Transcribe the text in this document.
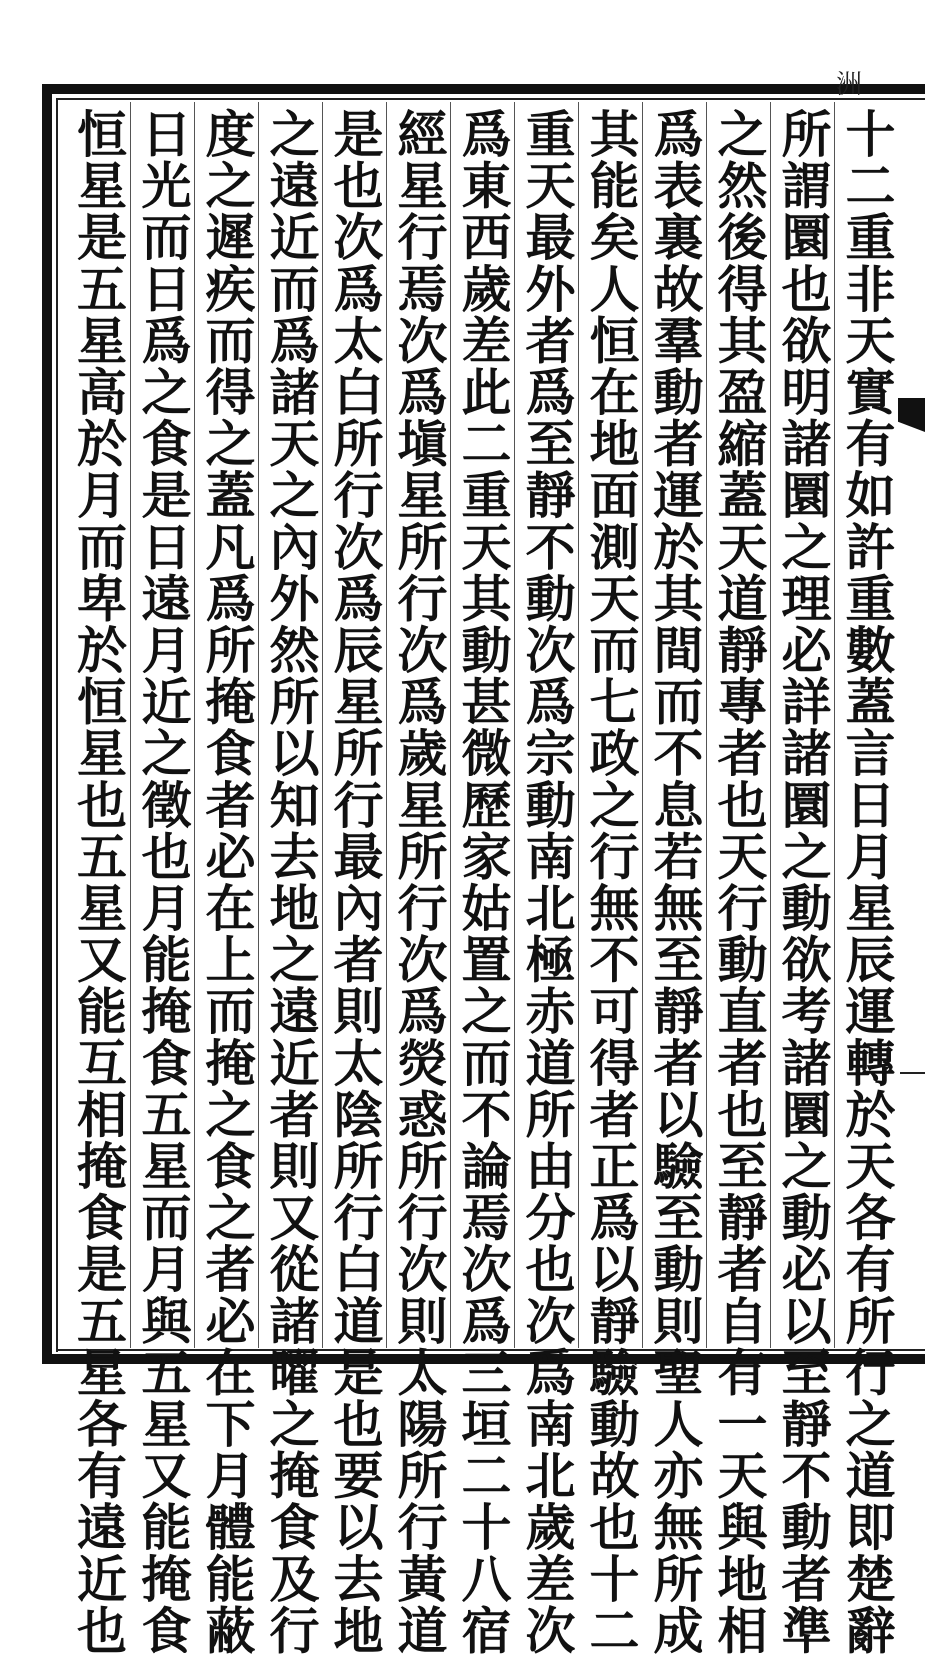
洲
十二重非天實有如許重數蓋言日月星辰運轉於天各有所行之道即楚辭
所謂圜也欲明諸圜之理必詳諸圜之動欲考諸圜之動必以至靜不動者準
之然後得其盈縮蓋天道靜專者也天行動直者也至靜者自有一天與地相
爲表裏故羣動者運於其間而不息若無至靜者以驗至動則聖人亦無所成
其能矣人恒在地面測天而七政之行無不可得者正爲以靜驗動故也十二
重天最外者爲至靜不動次爲宗動南北極赤道所由分也次爲南北歲差次
爲東西歲差此二重天其動甚微歷家姑置之而不論焉次爲三垣二十八宿
經星行焉次爲塡星所行次爲歲星所行次爲熒惑所行次則太陽所行黃道
是也次爲太白所行次爲辰星所行最內者則太陰所行白道是也要以去地
之遠近而爲諸天之內外然所以知去地之遠近者則又從諸曜之掩食及行
度之遲疾而得之蓋凡爲所掩食者必在上而掩之食之者必在下月體能蔽
日光而日爲之食是日遠月近之徵也月能掩食五星而月與五星又能掩食
恒星是五星高於月而卑於恒星也五星又能互相掩食是五星各有遠近也
